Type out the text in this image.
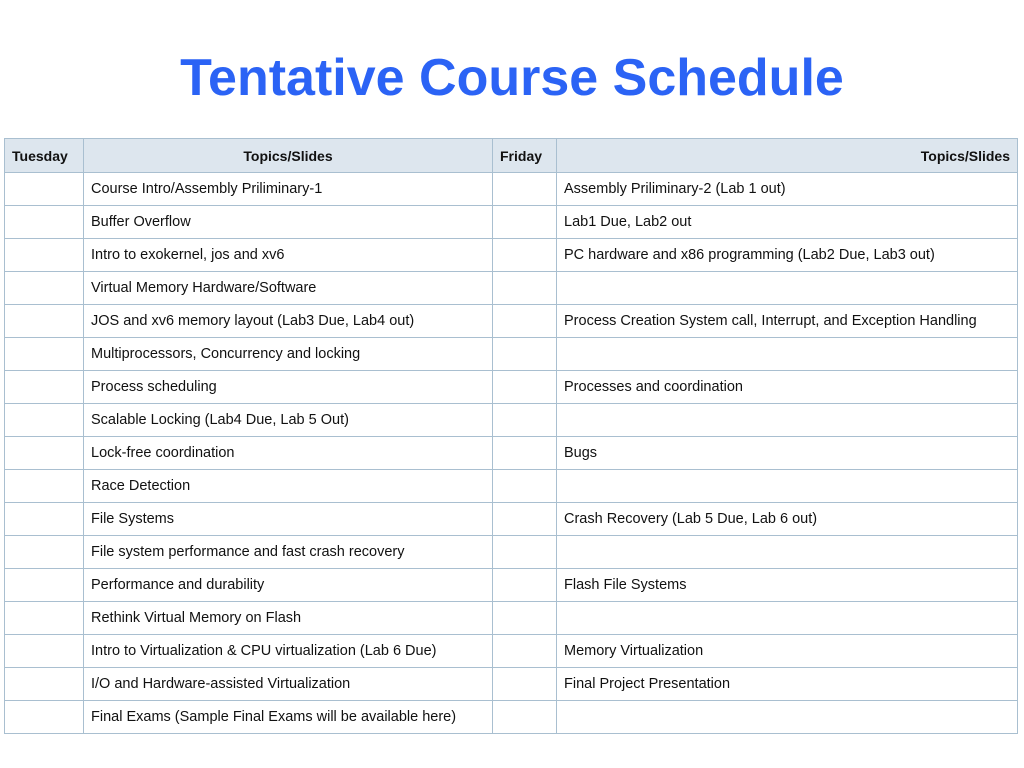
Tentative Course Schedule
Tuesday	Topics/Slides	Friday	Topics/Slides
	Course Intro/Assembly Priliminary-1		Assembly Priliminary-2 (Lab 1 out)
	Buffer Overflow		Lab1 Due, Lab2 out
	Intro to exokernel, jos and xv6		PC hardware and x86 programming (Lab2 Due, Lab3 out)
	Virtual Memory Hardware/Software		
	JOS and xv6 memory layout (Lab3 Due, Lab4 out)		Process Creation System call, Interrupt, and Exception Handling
	Multiprocessors, Concurrency and locking		
	Process scheduling		Processes and coordination
	Scalable Locking (Lab4 Due, Lab 5 Out)		
	Lock-free coordination		Bugs
	Race Detection		
	File Systems		Crash Recovery (Lab 5 Due, Lab 6 out)
	File system performance and fast crash recovery		
	Performance and durability		Flash File Systems
	Rethink Virtual Memory on Flash		
	Intro to Virtualization & CPU virtualization (Lab 6 Due)		Memory Virtualization
	I/O and Hardware-assisted Virtualization		Final Project Presentation
	Final Exams (Sample Final Exams will be available here)		
